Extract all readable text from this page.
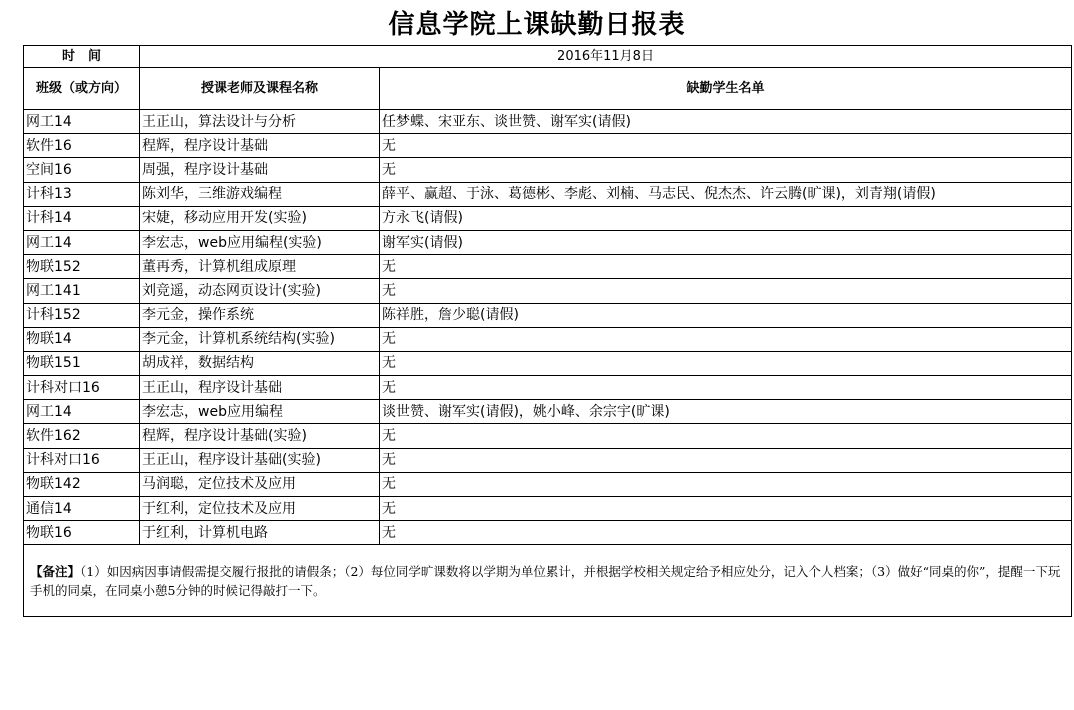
信息学院上课缺勤日报表
时　间	2016年11月8日	
班级（或方向）	授课老师及课程名称	缺勤学生名单
网工14	王正山，算法设计与分析	任梦蝶、宋亚东、谈世赞、谢军实(请假)
软件16	程辉，程序设计基础	无
空间16	周强，程序设计基础	无
计科13	陈刘华，三维游戏编程	薛平、赢超、于泳、葛德彬、李彪、刘楠、马志民、倪杰杰、许云腾(旷课)，刘青翔(请假)
计科14	宋婕，移动应用开发(实验)	方永飞(请假)
网工14	李宏志，web应用编程(实验)	谢军实(请假)
物联152	董再秀，计算机组成原理	无
网工141	刘竞遥，动态网页设计(实验)	无
计科152	李元金，操作系统	陈祥胜，詹少聪(请假)
物联14	李元金，计算机系统结构(实验)	无
物联151	胡成祥，数据结构	无
计科对口16	王正山，程序设计基础	无
网工14	李宏志，web应用编程	谈世赞、谢军实(请假)，姚小峰、余宗宇(旷课)
软件162	程辉，程序设计基础(实验)	无
计科对口16	王正山，程序设计基础(实验)	无
物联142	马润聪，定位技术及应用	无
通信14	于红利，定位技术及应用	无
物联16	于红利，计算机电路	无
【备注】（1）如因病因事请假需提交履行报批的请假条；（2）每位同学旷课数将以学期为单位累计，并根据学校相关规定给予相应处分，记入个人档案；（3）做好“同桌的你”，提醒一下玩手机的同桌，在同桌小憩5分钟的时候记得敲打一下。		
